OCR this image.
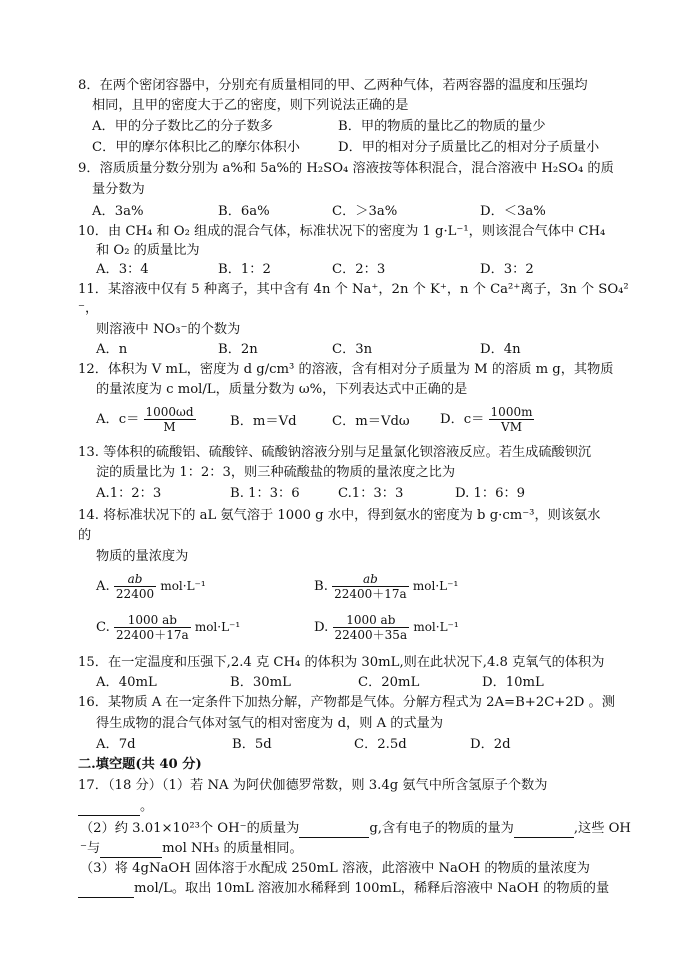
8．在两个密闭容器中，分别充有质量相同的甲、乙两种气体，若两容器的温度和压强均
相同，且甲的密度大于乙的密度，则下列说法正确的是
A．甲的分子数比乙的分子数多	B．甲的物质的量比乙的物质的量少
C．甲的摩尔体积比乙的摩尔体积小	D．甲的相对分子质量比乙的相对分子质量小
9．溶质质量分数分别为 a%和 5a%的 H₂SO₄ 溶液按等体积混合，混合溶液中 H₂SO₄ 的质
量分数为
A．3a%	B．6a%	C．＞3a%	D．＜3a%
10．由 CH₄ 和 O₂ 组成的混合气体，标准状况下的密度为 1 g·L⁻¹，则该混合气体中 CH₄
和 O₂ 的质量比为
A．3：4	B．1：2	C．2：3	D．3：2
11．某溶液中仅有 5 种离子，其中含有 4n 个 Na⁺，2n 个 K⁺，n 个 Ca²⁺离子，3n 个 SO₄²
⁻，
则溶液中 NO₃⁻的个数为
A．n	B．2n	C．3n	D．4n
12．体积为 V mL，密度为 d g/cm³ 的溶液，含有相对分子质量为 M 的溶质 m g，其物质
的量浓度为 c mol/L，质量分数为 ω%，下列表达式中正确的是
A．$c= \frac{1000\omega d}{M}$	B．m＝Vd	C．m＝Vdω D．$c= \frac{1000m}{VM}$
13. 等体积的硫酸铝、硫酸锌、硫酸钠溶液分别与足量氯化钡溶液反应。若生成硫酸钡沉
淀的质量比为 1：2：3，则三种硫酸盐的物质的量浓度之比为
A.1：2：3	B. 1：3：6	C.1：3：3	D. 1：6：9
14. 将标准状况下的 aL 氨气溶于 1000 g 水中，得到氨水的密度为 b g·cm⁻³，则该氨水
的
物质的量浓度为
A. $\frac{ab}{22400} mol\cdot L^{-1}$	B. $\frac{ab}{22400+17a} mol\cdot L^{-1}$
C. $\frac{1000 ab}{22400+17a} mol\cdot L^{-1}$	D. $\frac{1000 ab}{22400+35a} mol\cdot L^{-1}$
15．在一定温度和压强下,2.4 克 CH₄ 的体积为 30mL,则在此状况下,4.8 克氧气的体积为
A．40mL	B．30mL	C．20mL	D．10mL
16．某物质 A 在一定条件下加热分解，产物都是气体。分解方程式为 2A=B+2C+2D 。测
得生成物的混合气体对氢气的相对密度为 d，则 A 的式量为
A．7d	B．5d	C．2.5d	D．2d
二.填空题(共 40 分)
17．（18 分）（1）若 NA 为阿伏伽德罗常数，则 3.4g 氨气中所含氢原子个数为
。
（2）约 3.01×10²³个 OH⁻的质量为	g,含有电子的物质的量为	,这些 OH
⁻与	mol NH₃ 的质量相同。
（3）将 4gNaOH 固体溶于水配成 250mL 溶液，此溶液中 NaOH 的物质的量浓度为
mol/L。取出 10mL 溶液加水稀释到 100mL，稀释后溶液中 NaOH 的物质的量
